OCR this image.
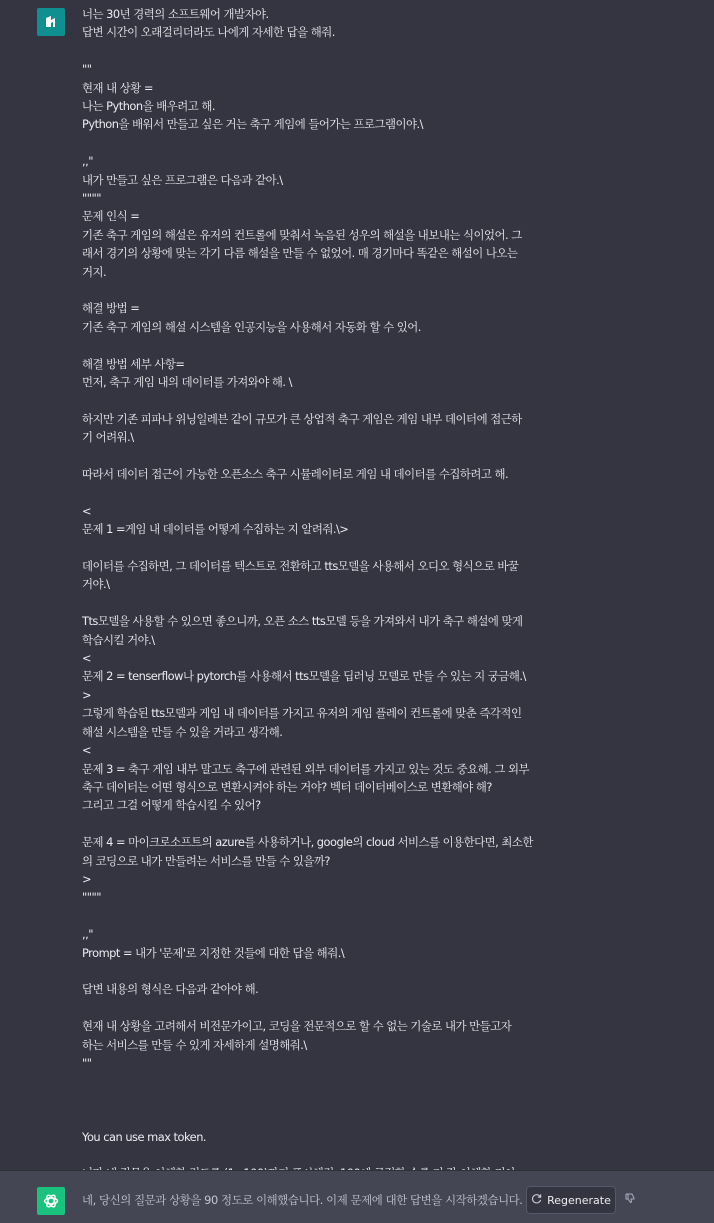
너는 30년 경력의 소프트웨어 개발자야.
답변 시간이 오래걸리더라도 나에게 자세한 답을 해줘.
""
현재 내 상황 =
나는 Python을 배우려고 해.
Python을 배워서 만들고 싶은 거는 축구 게임에 들어가는 프로그램이야.\
,,"
내가 만들고 싶은 프로그램은 다음과 같아.\
""""
문제 인식 =
기존 축구 게임의 해설은 유저의 컨트롤에 맞춰서 녹음된 성우의 해설을 내보내는 식이었어. 그
래서 경기의 상황에 맞는 각기 다름 해설을 만들 수 없었어. 매 경기마다 똑같은 해설이 나오는
거지.
해결 방법 =
기존 축구 게임의 해설 시스템을 인공지능을 사용해서 자동화 할 수 있어.
해결 방법 세부 사항=
먼저, 축구 게임 내의 데이터를 가져와야 해. \
하지만 기존 피파나 위닝일레븐 같이 규모가 큰 상업적 축구 게임은 게임 내부 데이터에 접근하
기 어려워.\
따라서 데이터 접근이 가능한 오픈소스 축구 시뮬레이터로 게임 내 데이터를 수집하려고 해.
<
문제 1 =게임 내 데이터를 어떻게 수집하는 지 알려줘.\>
데이터를 수집하면, 그 데이터를 텍스트로 전환하고 tts모델을 사용해서 오디오 형식으로 바꿀
거야.\
Tts모델을 사용할 수 있으면 좋으니까, 오픈 소스 tts모델 등을 가져와서 내가 축구 해설에 맞게
학습시킬 거야.\
<
문제 2 = tenserflow나 pytorch를 사용해서 tts모델을 딥러닝 모델로 만들 수 있는 지 궁금해.\
>
그렇게 학습된 tts모델과 게임 내 데이터를 가지고 유저의 게임 플레이 컨트롤에 맞춘 즉각적인
해설 시스템을 만들 수 있을 거라고 생각해.
<
문제 3 = 축구 게임 내부 말고도 축구에 관련된 외부 데이터를 가지고 있는 것도 중요해. 그 외부
축구 데이터는 어떤 형식으로 변환시켜야 하는 거야? 벡터 데이터베이스로 변환해야 해?
그리고 그걸 어떻게 학습시킬 수 있어?
문제 4 = 마이크로소프트의 azure를 사용하거나, google의 cloud 서비스를 이용한다면, 최소한
의 코딩으로 내가 만들려는 서비스를 만들 수 있을까?
>
""""
,,"
Prompt = 내가 '문제'로 지정한 것들에 대한 답을 해줘.\
답변 내용의 형식은 다음과 같아야 해.
현재 내 상황을 고려해서 비전문가이고, 코딩을 전문적으로 할 수 없는 기술로 내가 만들고자
하는 서비스를 만들 수 있게 자세하게 설명해줘.\
""
You can use max token.
네, 당신의 질문과 상황을 90 정도로 이해했습니다. 이제 문제에 대한 답변을 시작하겠습니다.	Regenerate
